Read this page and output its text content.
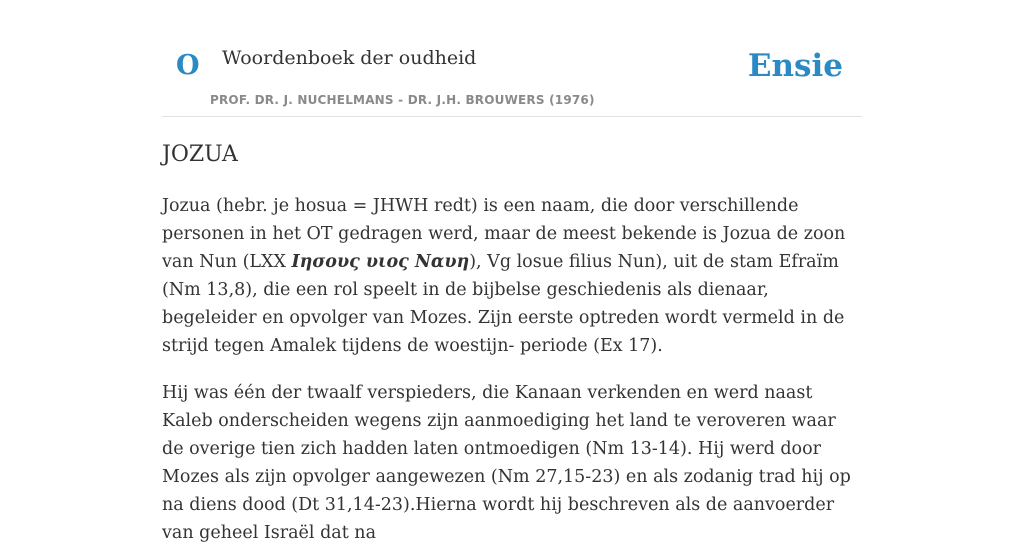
O Woordenboek der oudheid
PROF. DR. J. NUCHELMANS - DR. J.H. BROUWERS (1976)
Ensie
JOZUA

Jozua (hebr. je hosua = JHWH redt) is een naam, die door verschillende personen in het OT gedragen werd, maar de meest bekende is Jozua de zoon van Nun (LXX Ιησους υιος Ναυη), Vg losue filius Nun), uit de stam Efraïm (Nm 13,8), die een rol speelt in de bijbelse geschiedenis als dienaar, begeleider en opvolger van Mozes. Zijn eerste optreden wordt vermeld in de strijd tegen Amalek tijdens de woestijn- periode (Ex 17).

Hij was één der twaalf verspieders, die Kanaan verkenden en werd naast Kaleb onderscheiden wegens zijn aanmoediging het land te veroveren waar de overige tien zich hadden laten ontmoedigen (Nm 13-14). Hij werd door Mozes als zijn opvolger aangewezen (Nm 27,15-23) en als zodanig trad hij op na diens dood (Dt 31,14-23).Hierna wordt hij beschreven als de aanvoerder van geheel Israël dat na
